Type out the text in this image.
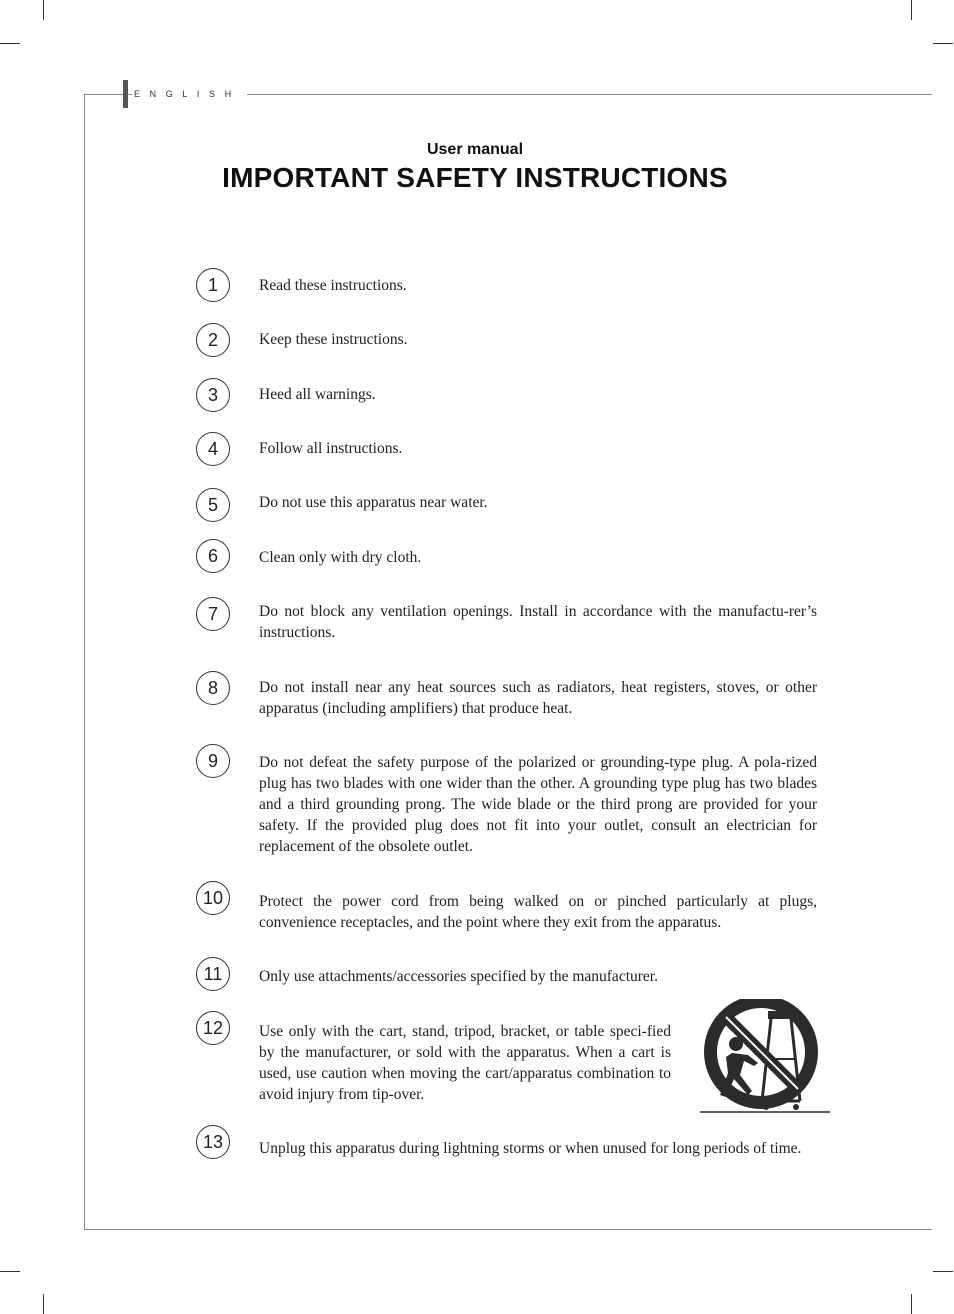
ENGLISH
User manual
IMPORTANT SAFETY INSTRUCTIONS
1	Read these instructions.
2	Keep these instructions.
3	Heed all warnings.
4	Follow all instructions.
5	Do not use this apparatus near water.
6	Clean only with dry cloth.
7	Do not block any ventilation openings. Install in accordance with the manufactu-rer’s instructions.
8	Do not install near any heat sources such as radiators, heat registers, stoves, or other apparatus (including amplifiers) that produce heat.
9	Do not defeat the safety purpose of the polarized or grounding-type plug. A pola-rized plug has two blades with one wider than the other. A grounding type plug has two blades and a third grounding prong. The wide blade or the third prong are provided for your safety. If the provided plug does not fit into your outlet, consult an electrician for replacement of the obsolete outlet.
10	Protect the power cord from being walked on or pinched particularly at plugs, convenience receptacles, and the point where they exit from the apparatus.
11	Only use attachments/accessories specified by the manufacturer.
12	Use only with the cart, stand, tripod, bracket, or table speci-fied by the manufacturer, or sold with the apparatus. When a cart is used, use caution when moving the cart/apparatus combination to avoid injury from tip-over.
13	Unplug this apparatus during lightning storms or when unused for long periods of time.
